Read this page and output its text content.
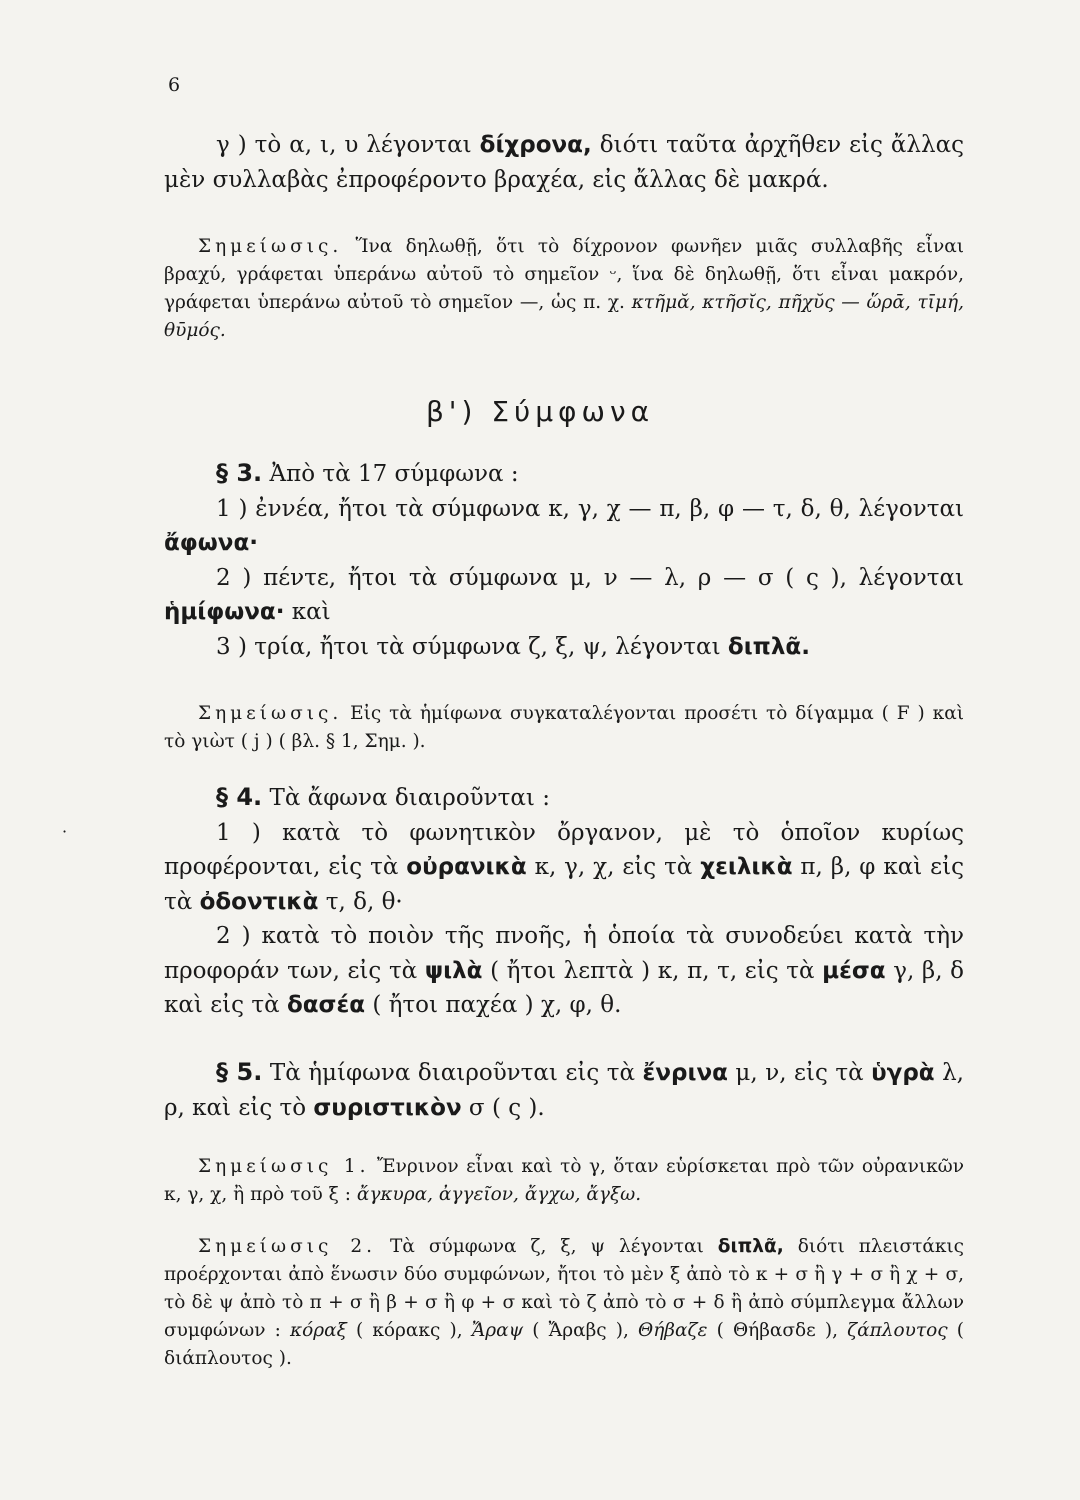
6

γ ) τὸ α, ι, υ λέγονται δίχρονα, διότι ταῦτα ἀρχῆθεν εἰς ἄλλας μὲν συλλαβὰς ἐπροφέροντο βραχέα, εἰς ἄλλας δὲ μακρά.

Σημείωσις. Ἵνα δηλωθῇ, ὅτι τὸ δίχρονον φωνῆεν μιᾶς συλλαβῆς εἶναι βραχύ, γράφεται ὑπεράνω αὐτοῦ τὸ σημεῖον ᵕ, ἵνα δὲ δηλωθῇ, ὅτι εἶναι μακρόν, γράφεται ὑπεράνω αὐτοῦ τὸ σημεῖον —, ὡς π. χ. κτῆμᾰ, κτῆσῐς, πῆχῠς — ὥρᾱ, τῑμή, θῡμός.

β') Σύμφωνα

§ 3. Ἀπὸ τὰ 17 σύμφωνα :

1 ) ἐννέα, ἤτοι τὰ σύμφωνα κ, γ, χ — π, β, φ — τ, δ, θ, λέγονται ἄφωνα·

2 ) πέντε, ἤτοι τὰ σύμφωνα μ, ν — λ, ρ — σ ( ς ), λέγονται ἡμίφωνα· καὶ

3 ) τρία, ἤτοι τὰ σύμφωνα ζ, ξ, ψ, λέγονται διπλᾶ.

Σημείωσις. Εἰς τὰ ἡμίφωνα συγκαταλέγονται προσέτι τὸ δίγαμμα ( F ) καὶ τὸ γιὼτ ( j ) ( βλ. § 1, Σημ. ).

·

§ 4. Τὰ ἄφωνα διαιροῦνται :

1 ) κατὰ τὸ φωνητικὸν ὄργανον, μὲ τὸ ὁποῖον κυρίως προφέρονται, εἰς τὰ οὐρανικὰ κ, γ, χ, εἰς τὰ χειλικὰ π, β, φ καὶ εἰς τὰ ὀδοντικὰ τ, δ, θ·

2 ) κατὰ τὸ ποιὸν τῆς πνοῆς, ἡ ὁποία τὰ συνοδεύει κατὰ τὴν προφοράν των, εἰς τὰ ψιλὰ ( ἤτοι λεπτὰ ) κ, π, τ, εἰς τὰ μέσα γ, β, δ καὶ εἰς τὰ δασέα ( ἤτοι παχέα ) χ, φ, θ.

§ 5. Τὰ ἡμίφωνα διαιροῦνται εἰς τὰ ἔνρινα μ, ν, εἰς τὰ ὑγρὰ λ, ρ, καὶ εἰς τὸ συριστικὸν σ ( ς ).

Σημείωσις 1. Ἔνρινον εἶναι καὶ τὸ γ, ὅταν εὑρίσκεται πρὸ τῶν οὐρανικῶν κ, γ, χ, ἢ πρὸ τοῦ ξ : ἄγκυρα, ἀγγεῖον, ἄγχω, ἄγξω.

Σημείωσις 2. Τὰ σύμφωνα ζ, ξ, ψ λέγονται διπλᾶ, διότι πλειστάκις προέρχονται ἀπὸ ἕνωσιν δύο συμφώνων, ἤτοι τὸ μὲν ξ ἀπὸ τὸ κ + σ ἢ γ + σ ἢ χ + σ, τὸ δὲ ψ ἀπὸ τὸ π + σ ἢ β + σ ἢ φ + σ καὶ τὸ ζ ἀπὸ τὸ σ + δ ἢ ἀπὸ σύμπλεγμα ἄλλων συμφώνων : κόραξ ( κόρακς ), Ἄραψ ( Ἄραβς ), Θήβαζε ( Θήβασδε ), ζάπλουτος ( διάπλουτος ).
